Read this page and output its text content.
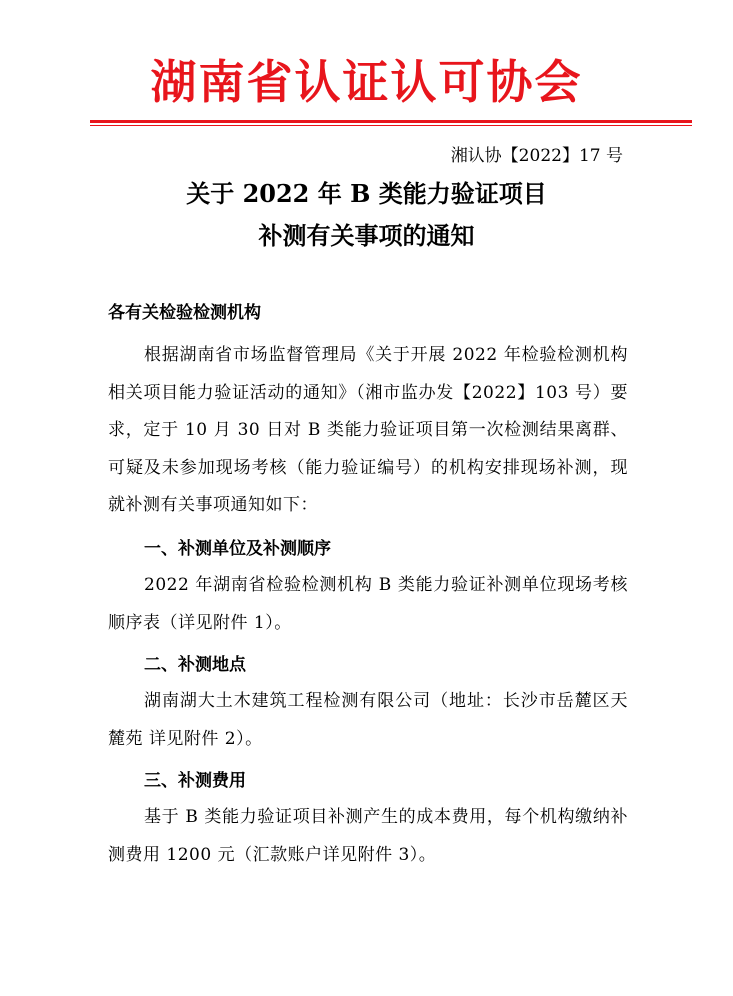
湖南省认证认可协会
湘认协【2022】17 号
关于 2022 年 B 类能力验证项目
补测有关事项的通知
各有关检验检测机构
根据湖南省市场监督管理局《关于开展 2022 年检验检测机构相关项目能力验证活动的通知》（湘市监办发【2022】103 号）要求，定于 10 月 30 日对 B 类能力验证项目第一次检测结果离群、可疑及未参加现场考核（能力验证编号）的机构安排现场补测，现就补测有关事项通知如下：
一、补测单位及补测顺序
2022 年湖南省检验检测机构 B 类能力验证补测单位现场考核顺序表（详见附件 1）。
二、补测地点
湖南湖大土木建筑工程检测有限公司（地址：长沙市岳麓区天麓苑 详见附件 2）。
三、补测费用
基于 B 类能力验证项目补测产生的成本费用，每个机构缴纳补测费用 1200 元（汇款账户详见附件 3）。
